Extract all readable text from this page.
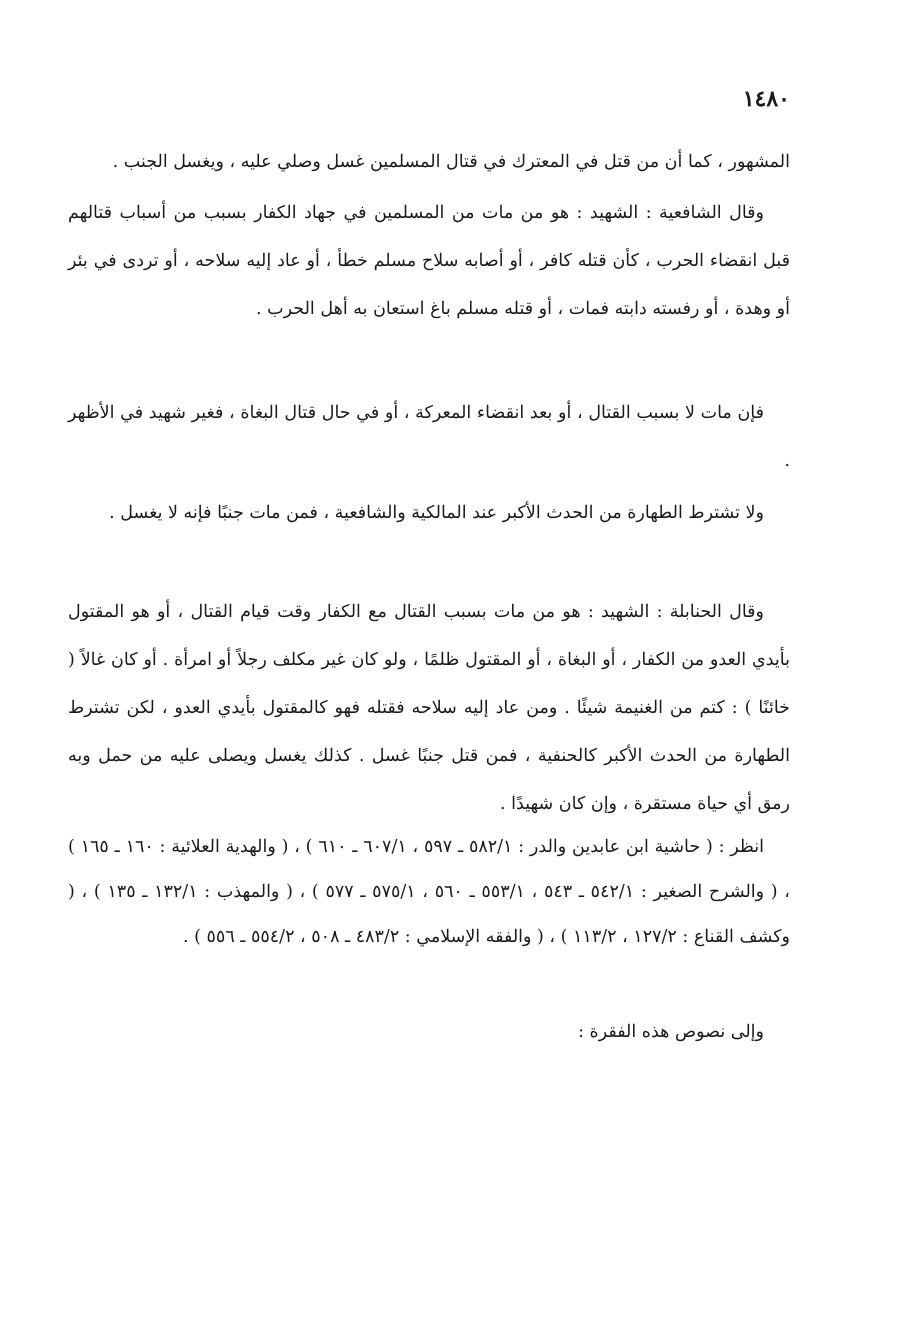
١٤٨٠

المشهور ، كما أن من قتل في المعترك في قتال المسلمين غسل وصلي عليه ، ويغسل الجنب .

وقال الشافعية : الشهيد : هو من مات من المسلمين في جهاد الكفار بسبب من أسباب قتالهم قبل انقضاء الحرب ، كأن قتله كافر ، أو أصابه سلاح مسلم خطأ ، أو عاد إليه سلاحه ، أو تردى في بئر أو وهدة ، أو رفسته دابته فمات ، أو قتله مسلم باغ استعان به أهل الحرب .

فإن مات لا بسبب القتال ، أو بعد انقضاء المعركة ، أو في حال قتال البغاة ، فغير شهيد في الأظهر .

ولا تشترط الطهارة من الحدث الأكبر عند المالكية والشافعية ، فمن مات جنبًا فإنه لا يغسل .

وقال الحنابلة : الشهيد : هو من مات بسبب القتال مع الكفار وقت قيام القتال ، أو هو المقتول بأيدي العدو من الكفار ، أو البغاة ، أو المقتول ظلمًا ، ولو كان غير مكلف رجلاً أو امرأة . أو كان غالاً ( خائنًا ) : كتم من الغنيمة شيئًا . ومن عاد إليه سلاحه فقتله فهو كالمقتول بأيدي العدو ، لكن تشترط الطهارة من الحدث الأكبر كالحنفية ، فمن قتل جنبًا غسل . كذلك يغسل ويصلى عليه من حمل وبه رمق أي حياة مستقرة ، وإن كان شهيدًا .

انظر : ( حاشية ابن عابدين والدر : ٥٨٢/١ ـ ٥٩٧ ، ٦٠٧/١ ـ ٦١٠ ) ، ( والهدية العلائية : ١٦٠ ـ ١٦٥ ) ، ( والشرح الصغير : ٥٤٢/١ ـ ٥٤٣ ، ٥٥٣/١ ـ ٥٦٠ ، ٥٧٥/١ ـ ٥٧٧ ) ، ( والمهذب : ١٣٢/١ ـ ١٣٥ ) ، ( وكشف القناع : ١٢٧/٢ ، ١١٣/٢ ) ، ( والفقه الإسلامي : ٤٨٣/٢ ـ ٥٠٨ ، ٥٥٤/٢ ـ ٥٥٦ ) .

وإلى نصوص هذه الفقرة :
